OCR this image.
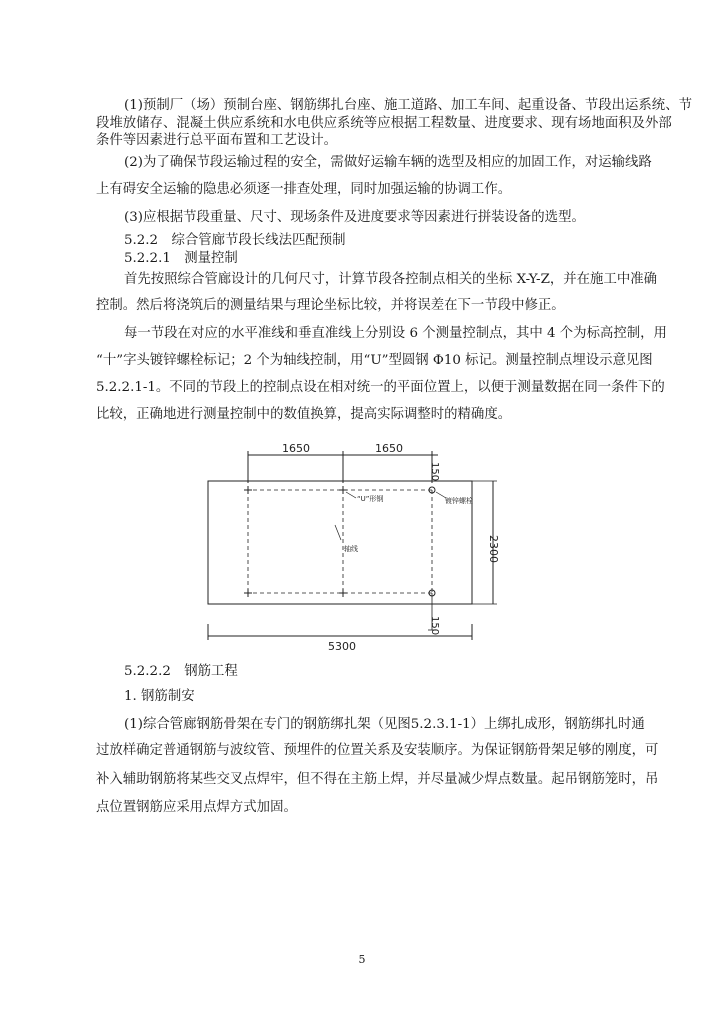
(1)预制厂（场）预制台座、钢筋绑扎台座、施工道路、加工车间、起重设备、节段出运系统、节
段堆放储存、混凝土供应系统和水电供应系统等应根据工程数量、进度要求、现有场地面积及外部
条件等因素进行总平面布置和工艺设计。
(2)为了确保节段运输过程的安全，需做好运输车辆的选型及相应的加固工作，对运输线路
上有碍安全运输的隐患必须逐一排查处理，同时加强运输的协调工作。
(3)应根据节段重量、尺寸、现场条件及进度要求等因素进行拼装设备的选型。
5.2.2　综合管廊节段长线法匹配预制
5.2.2.1　测量控制
首先按照综合管廊设计的几何尺寸，计算节段各控制点相关的坐标 X-Y-Z，并在施工中准确
控制。然后将浇筑后的测量结果与理论坐标比较，并将误差在下一节段中修正。
每一节段在对应的水平准线和垂直准线上分别设 6 个测量控制点，其中 4 个为标高控制，用
“十”字头镀锌螺栓标记；2 个为轴线控制，用“U”型圆钢 Φ10 标记。测量控制点埋设示意见图
5.2.2.1-1。不同的节段上的控制点设在相对统一的平面位置上，以便于测量数据在同一条件下的
比较，正确地进行测量控制中的数值换算，提高实际调整时的精确度。
1650	1650
150
“U”形钢	镀锌螺栓
轴线	2300
150
5300
5.2.2.2　钢筋工程
1. 钢筋制安
(1)综合管廊钢筋骨架在专门的钢筋绑扎架（见图5.2.3.1-1）上绑扎成形，钢筋绑扎时通
过放样确定普通钢筋与波纹管、预埋件的位置关系及安装顺序。为保证钢筋骨架足够的刚度，可
补入辅助钢筋将某些交叉点焊牢，但不得在主筋上焊，并尽量减少焊点数量。起吊钢筋笼时，吊
点位置钢筋应采用点焊方式加固。
5
